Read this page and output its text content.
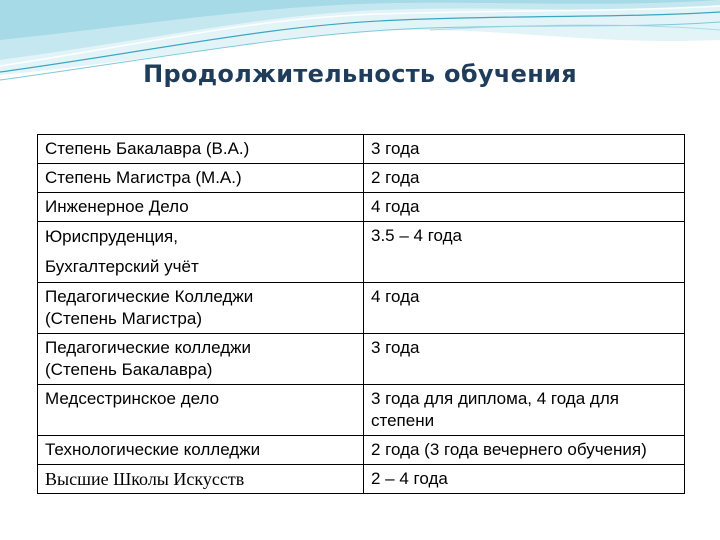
Продолжительность обучения
Степень Бакалавра (B.A.)	3 года
Степень Магистра (M.A.)	2 года
Инженерное Дело	4 года
Юриспруденция,
Бухгалтерский учёт	3.5 – 4 года
Педагогические Колледжи
(Степень Магистра)	4 года
Педагогические колледжи
(Степень Бакалавра)	3 года
Медсестринское дело	3 года для диплома, 4 года для степени
Технологические колледжи	2 года (3 года вечернего обучения)
Высшие Школы Искусств	2 – 4 года
